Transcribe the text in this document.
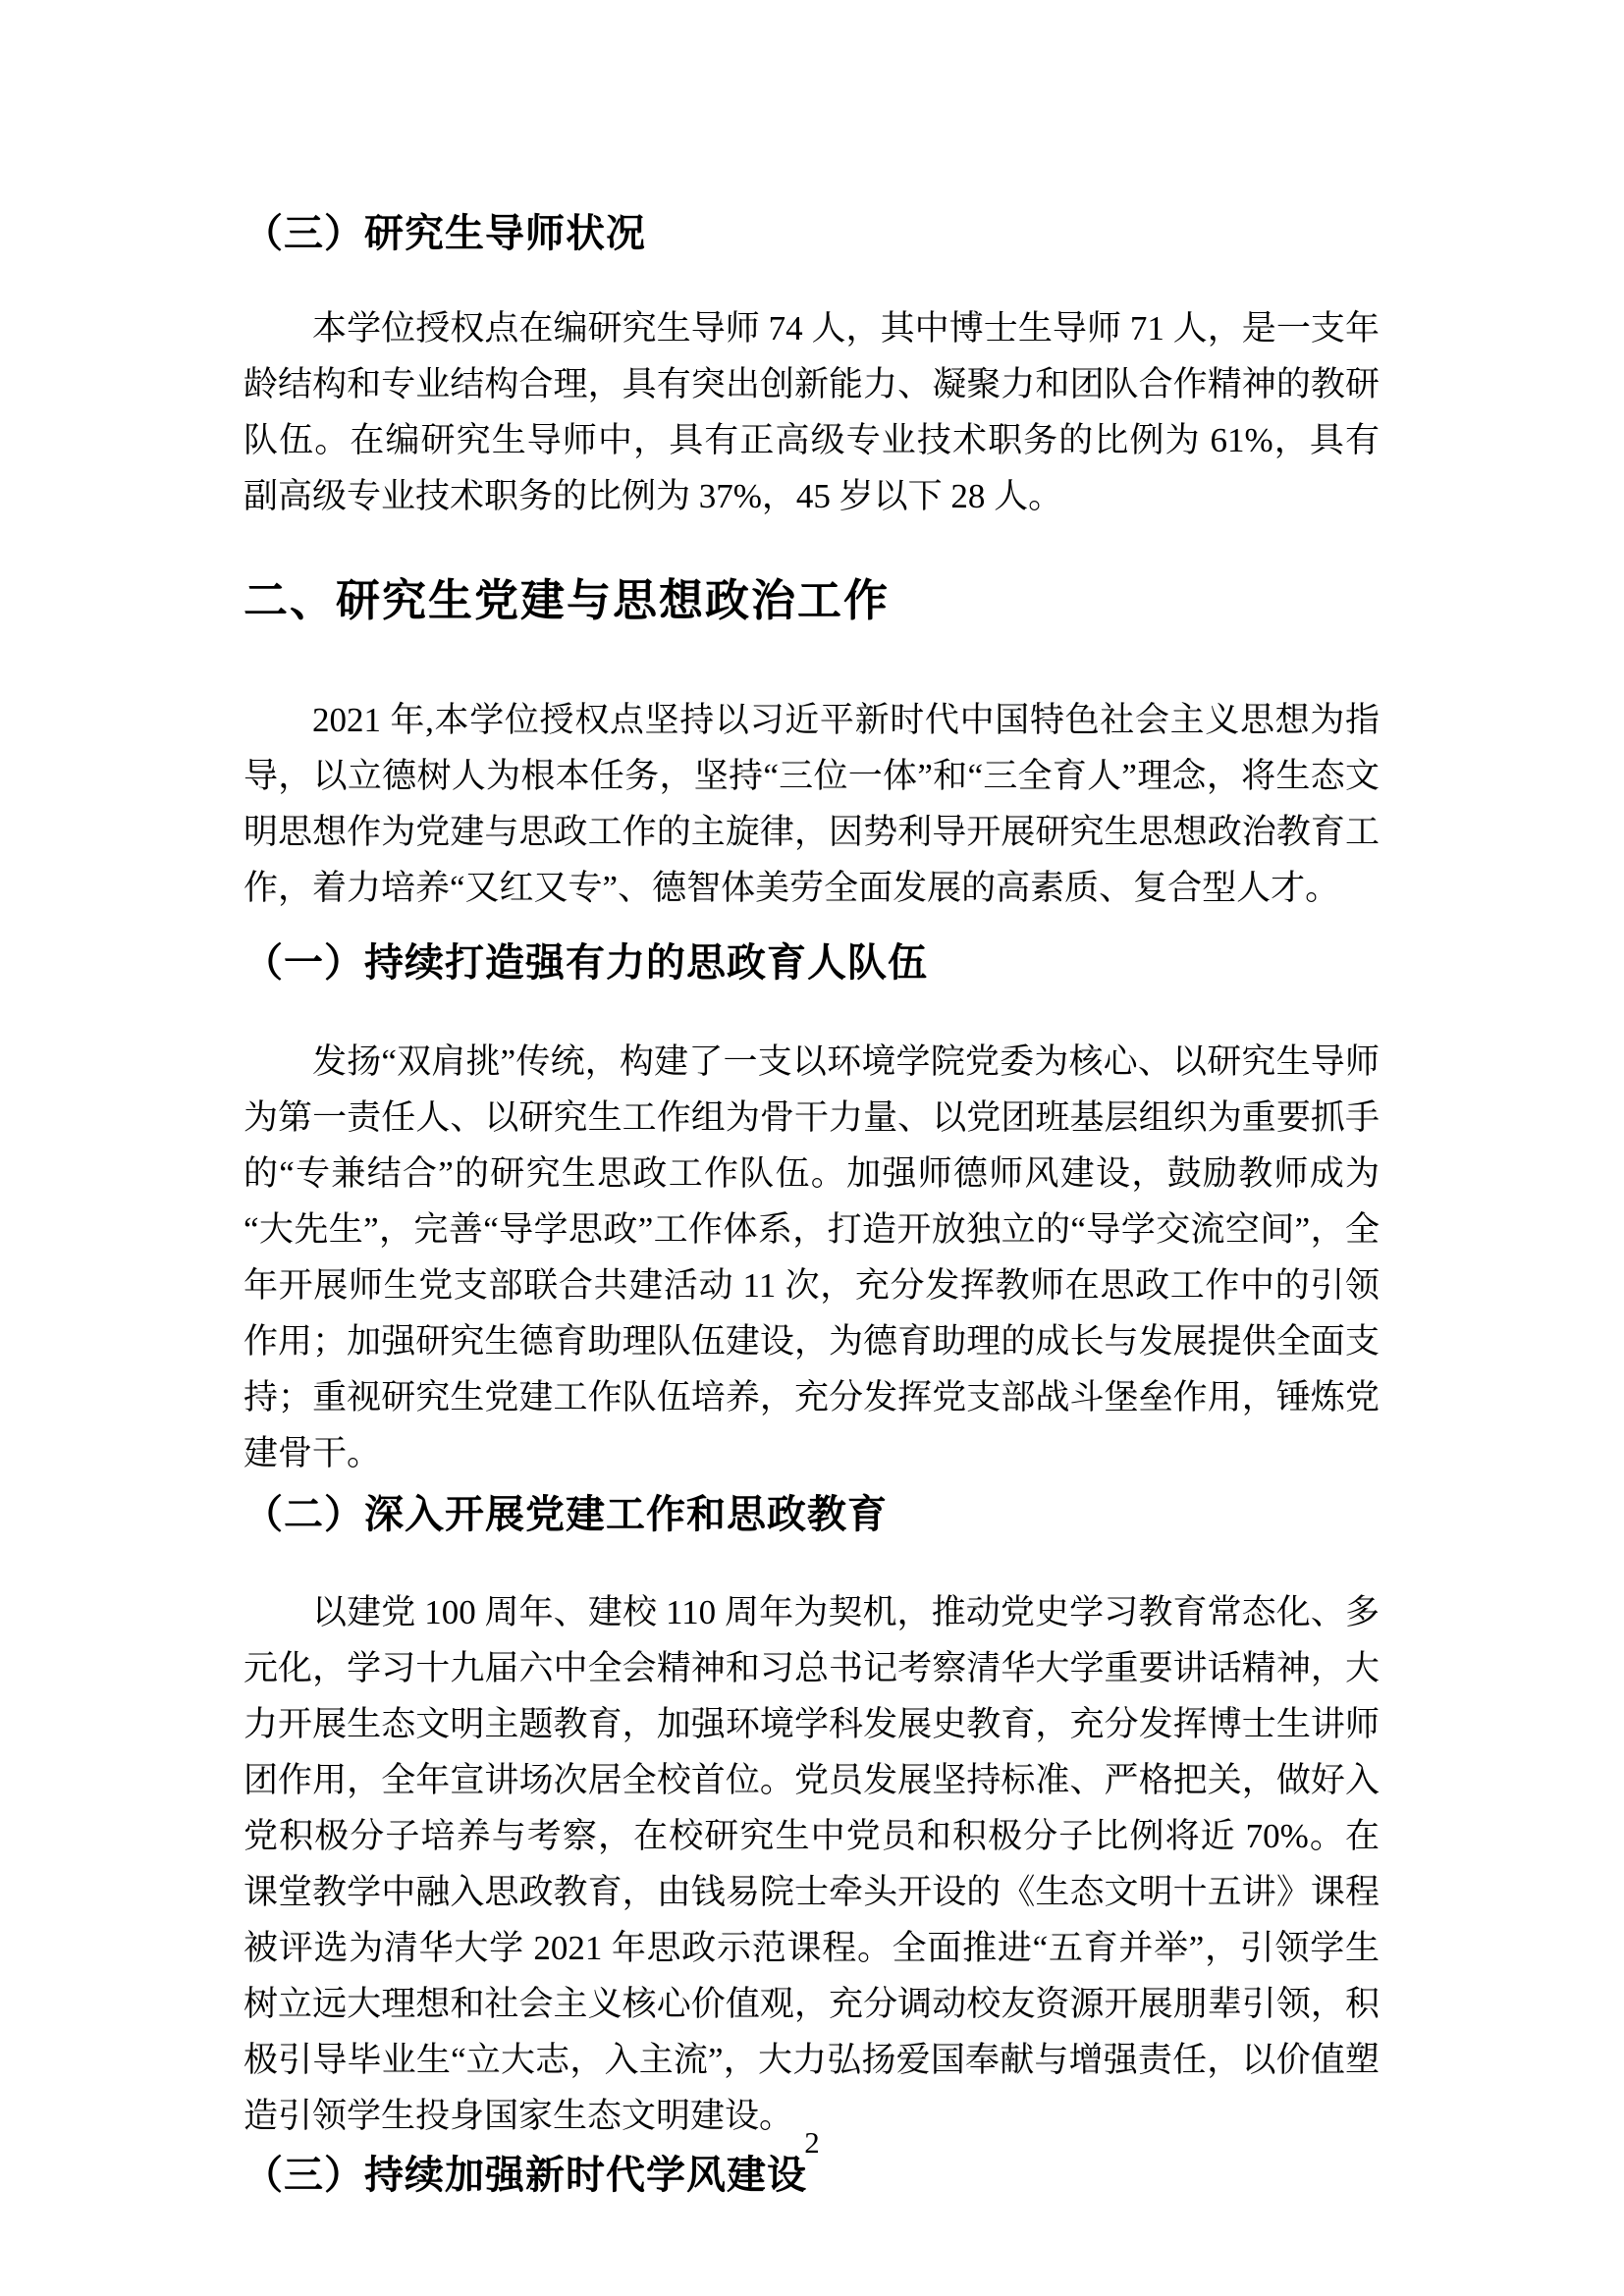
（三）研究生导师状况
本学位授权点在编研究生导师 74 人，其中博士生导师 71 人，是一支年龄结构和专业结构合理，具有突出创新能力、凝聚力和团队合作精神的教研队伍。在编研究生导师中，具有正高级专业技术职务的比例为 61%，具有副高级专业技术职务的比例为 37%，45 岁以下 28 人。
二、研究生党建与思想政治工作
2021 年,本学位授权点坚持以习近平新时代中国特色社会主义思想为指导，以立德树人为根本任务，坚持“三位一体”和“三全育人”理念，将生态文明思想作为党建与思政工作的主旋律，因势利导开展研究生思想政治教育工作，着力培养“又红又专”、德智体美劳全面发展的高素质、复合型人才。
（一）持续打造强有力的思政育人队伍
发扬“双肩挑”传统，构建了一支以环境学院党委为核心、以研究生导师为第一责任人、以研究生工作组为骨干力量、以党团班基层组织为重要抓手的“专兼结合”的研究生思政工作队伍。加强师德师风建设，鼓励教师成为“大先生”，完善“导学思政”工作体系，打造开放独立的“导学交流空间”，全年开展师生党支部联合共建活动 11 次，充分发挥教师在思政工作中的引领作用；加强研究生德育助理队伍建设，为德育助理的成长与发展提供全面支持；重视研究生党建工作队伍培养，充分发挥党支部战斗堡垒作用，锤炼党建骨干。
（二）深入开展党建工作和思政教育
以建党 100 周年、建校 110 周年为契机，推动党史学习教育常态化、多元化，学习十九届六中全会精神和习总书记考察清华大学重要讲话精神，大力开展生态文明主题教育，加强环境学科发展史教育，充分发挥博士生讲师团作用，全年宣讲场次居全校首位。党员发展坚持标准、严格把关，做好入党积极分子培养与考察，在校研究生中党员和积极分子比例将近 70%。在课堂教学中融入思政教育，由钱易院士牵头开设的《生态文明十五讲》课程被评选为清华大学 2021 年思政示范课程。全面推进“五育并举”，引领学生树立远大理想和社会主义核心价值观，充分调动校友资源开展朋辈引领，积极引导毕业生“立大志，入主流”，大力弘扬爱国奉献与增强责任，以价值塑造引领学生投身国家生态文明建设。
（三）持续加强新时代学风建设
2
